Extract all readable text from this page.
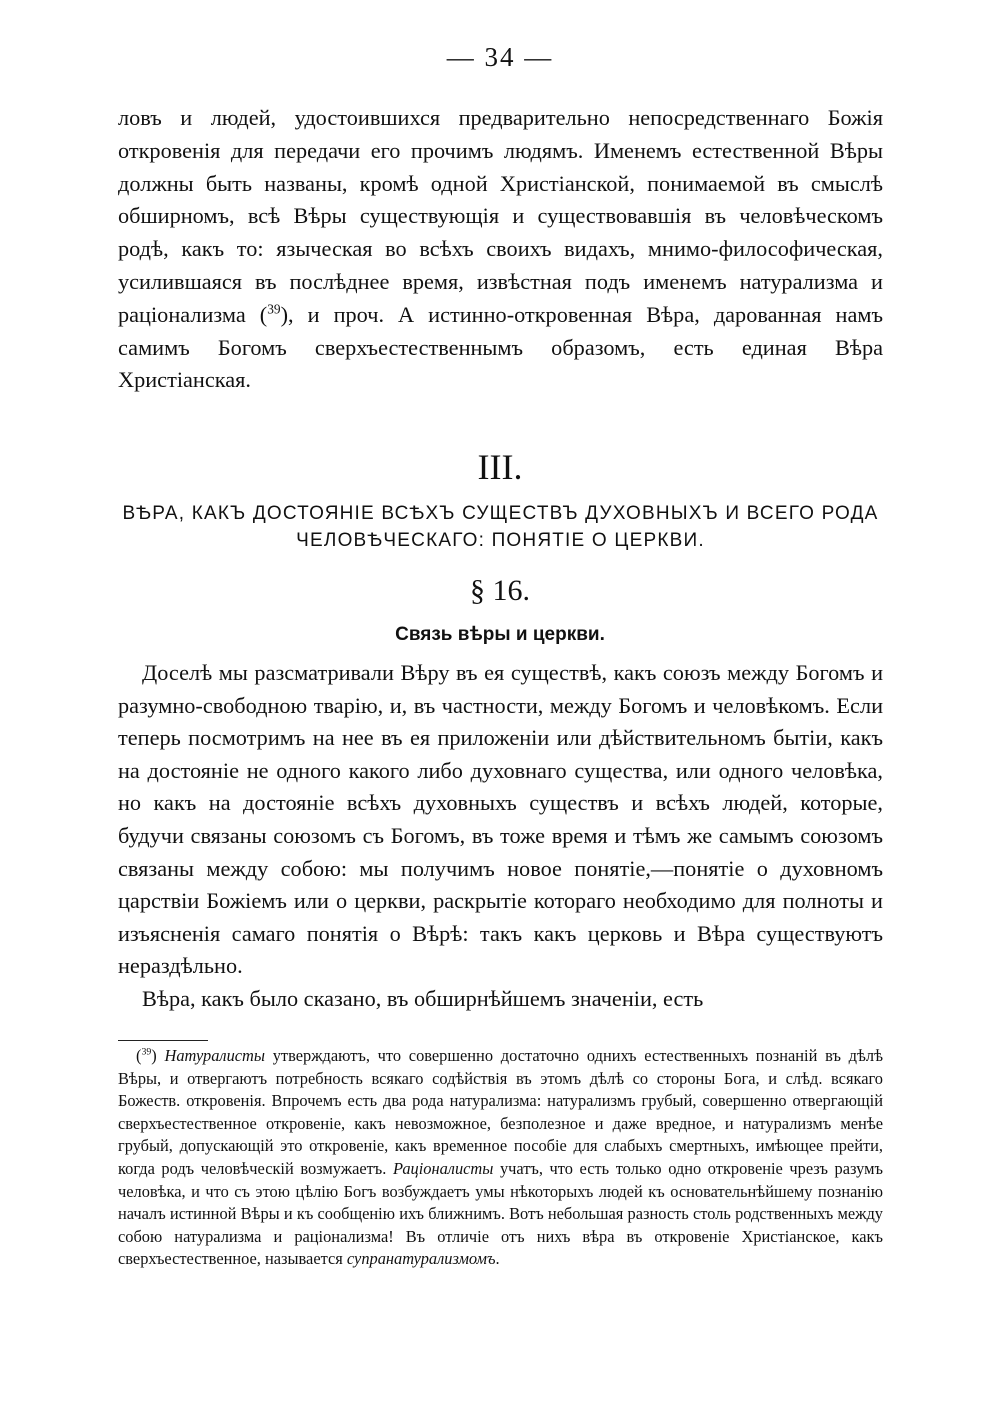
— 34 —

ловъ и людей, удостоившихся предварительно непосредственнаго Божія откровенія для передачи его прочимъ людямъ. Именемъ естественной Вѣры должны быть названы, кромѣ одной Христіанской, понимаемой въ смыслѣ обширномъ, всѣ Вѣры существующія и существовавшія въ человѣческомъ родѣ, какъ то: языческая во всѣхъ своихъ видахъ, мнимо-философическая, усилившаяся въ послѣднее время, извѣстная подъ именемъ натурализма и раціонализма ($^{39}$), и проч. А истинно-откровенная Вѣра, дарованная намъ самимъ Богомъ сверхъестественнымъ образомъ, есть единая Вѣра Христіанская.

III.
ВѢРА, КАКЪ ДОСТОЯНІЕ ВСѢХЪ СУЩЕСТВЪ ДУХОВНЫХЪ И ВСЕГО РОДА ЧЕЛОВѢЧЕСКАГО: ПОНЯТІЕ О ЦЕРКВИ.
§ 16.
Связь вѣры и церкви.

Доселѣ мы разсматривали Вѣру въ ея существѣ, какъ союзъ между Богомъ и разумно-свободною тварію, и, въ частности, между Богомъ и человѣкомъ. Если теперь посмотримъ на нее въ ея приложеніи или дѣйствительномъ бытіи, какъ на достояніе не одного какого либо духовнаго существа, или одного человѣка, но какъ на достояніе всѣхъ духовныхъ существъ и всѣхъ людей, которые, будучи связаны союзомъ съ Богомъ, въ тоже время и тѣмъ же самымъ союзомъ связаны между собою: мы получимъ новое понятіе,—понятіе о духовномъ царствіи Божіемъ или о церкви, раскрытіе котораго необходимо для полноты и изъясненія самаго понятія о Вѣрѣ: такъ какъ церковь и Вѣра существуютъ нераздѣльно.

Вѣра, какъ было сказано, въ обширнѣйшемъ значеніи, есть

($^{39}$) Натуралисты утверждаютъ, что совершенно достаточно однихъ естественныхъ познаній въ дѣлѣ Вѣры, и отвергаютъ потребность всякаго содѣйствія въ этомъ дѣлѣ со стороны Бога, и слѣд. всякаго Божеств. откровенія. Впрочемъ есть два рода натурализма: натурализмъ грубый, совершенно отвергающій сверхъестественное откровеніе, какъ невозможное, безполезное и даже вредное, и натурализмъ менѣе грубый, допускающій это откровеніе, какъ временное пособіе для слабыхъ смертныхъ, имѣющее прейти, когда родъ человѣческій возмужаетъ. Раціоналисты учатъ, что есть только одно откровеніе чрезъ разумъ человѣка, и что съ этою цѣлію Богъ возбуждаетъ умы нѣкоторыхъ людей къ основательнѣйшему познанію началъ истинной Вѣры и къ сообщенію ихъ ближнимъ. Вотъ небольшая разность столь родственныхъ между собою натурализма и раціонализма! Въ отличіе отъ нихъ вѣра въ откровеніе Христіанское, какъ сверхъестественное, называется супранатурализмомъ.
